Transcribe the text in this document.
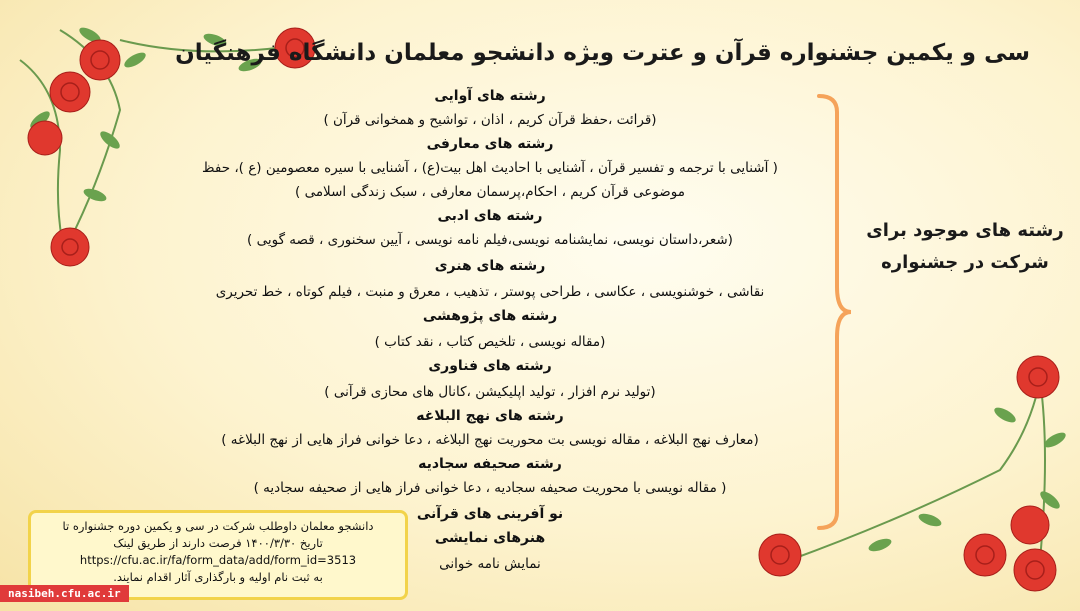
سی و یکمین جشنواره قرآن و عترت ویژه دانشجو معلمان دانشگاه فرهنگیان
رشته های آوایی
(قرائت ،حفظ قرآن کریم ، اذان ، تواشیح و همخوانی قرآن )
رشته های معارفی
( آشنایی با ترجمه و تفسیر قرآن ، آشنایی با احادیث اهل بیت(ع) ، آشنایی با سیره معصومین (ع )، حفظ
موضوعی قرآن کریم ، احکام،پرسمان معارفی ، سبک زندگی اسلامی )
رشته های ادبی
(شعر،داستان نویسی، نمایشنامه نویسی،فیلم نامه نویسی ، آیین سخنوری ، قصه گویی )
رشته های هنری
نقاشی ، خوشنویسی ، عکاسی ، طراحی پوستر ، تذهیب ، معرق و منبت ، فیلم کوتاه ، خط تحریری
رشته های پژوهشی
(مقاله نویسی ، تلخیص کتاب ، نقد کتاب )
رشته های فناوری
(تولید نرم افزار ، تولید اپلیکیشن ،کانال های محازی قرآنی )
رشته های نهج البلاغه
(معارف نهج البلاغه ، مقاله نویسی بت محوریت نهج البلاغه ، دعا خوانی فراز هایی از نهج البلاغه )
رشته صحیفه سجادیه
( مقاله نویسی با محوریت صحیفه سجادیه ، دعا خوانی فراز هایی از صحیفه سجادیه )
نو آفرینی های قرآنی
هنرهای نمایشی
نمایش نامه خوانی
رشته های موجود برای
شرکت در جشنواره
دانشجو معلمان داوطلب شرکت در سی و یکمین دوره جشنواره تا
تاریخ ۱۴۰۰/۳/۳۰ فرصت دارند از طریق لینک
https://cfu.ac.ir/fa/form_data/add/form_id=3513
به ثبت نام اولیه و بارگذاری آثار اقدام نمایند.
nasibeh.cfu.ac.ir
